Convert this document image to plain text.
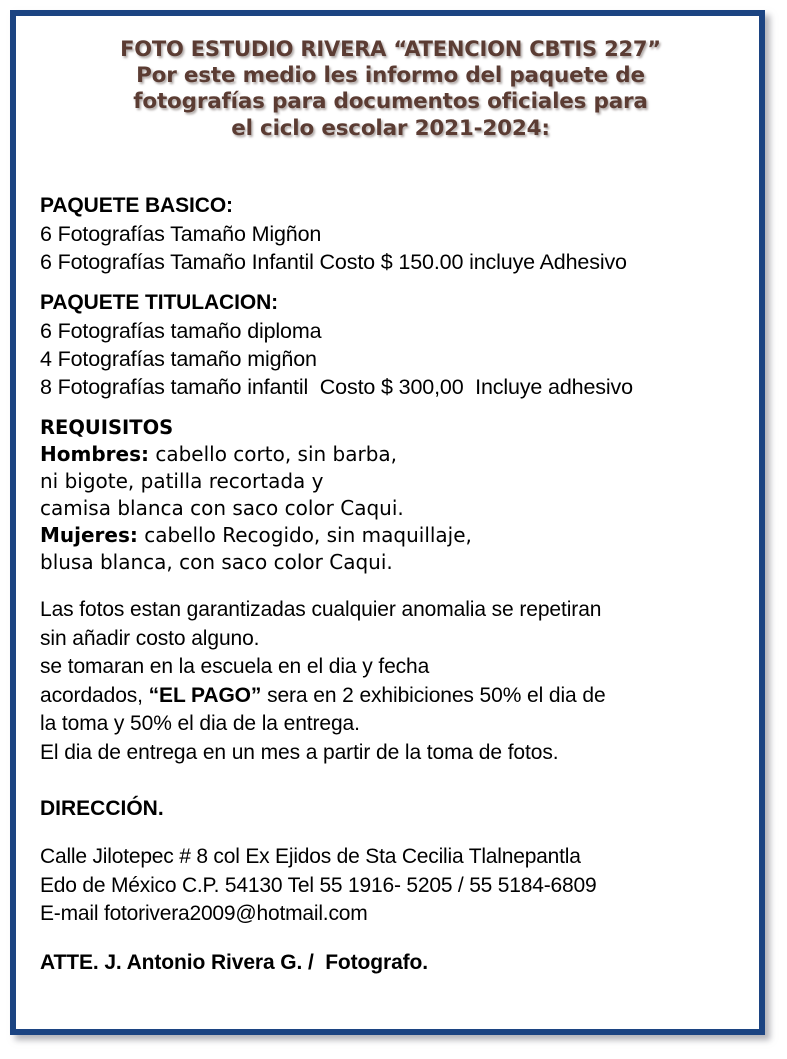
FOTO ESTUDIO RIVERA “ATENCION CBTIS 227”
Por este medio les informo del paquete de
fotografías para documentos oficiales para
el ciclo escolar 2021-2024:
PAQUETE BASICO:
6 Fotografías Tamaño Migñon
6 Fotografías Tamaño Infantil Costo $ 150.00 incluye Adhesivo
PAQUETE TITULACION:
6 Fotografías tamaño diploma
4 Fotografías tamaño migñon
8 Fotografías tamaño infantil  Costo $ 300,00  Incluye adhesivo
REQUISITOS
Hombres: cabello corto, sin barba,
ni bigote, patilla recortada y
camisa blanca con saco color Caqui.
Mujeres: cabello Recogido, sin maquillaje,
blusa blanca, con saco color Caqui.
Las fotos estan garantizadas cualquier anomalia se repetiran
sin añadir costo alguno.
se tomaran en la escuela en el dia y fecha
acordados, “EL PAGO” sera en 2 exhibiciones 50% el dia de
la toma y 50% el dia de la entrega.
El dia de entrega en un mes a partir de la toma de fotos.
DIRECCIÓN.
Calle Jilotepec # 8 col Ex Ejidos de Sta Cecilia Tlalnepantla
Edo de México C.P. 54130 Tel 55 1916- 5205 / 55 5184-6809
E-mail fotorivera2009@hotmail.com
ATTE. J. Antonio Rivera G. /  Fotografo.
